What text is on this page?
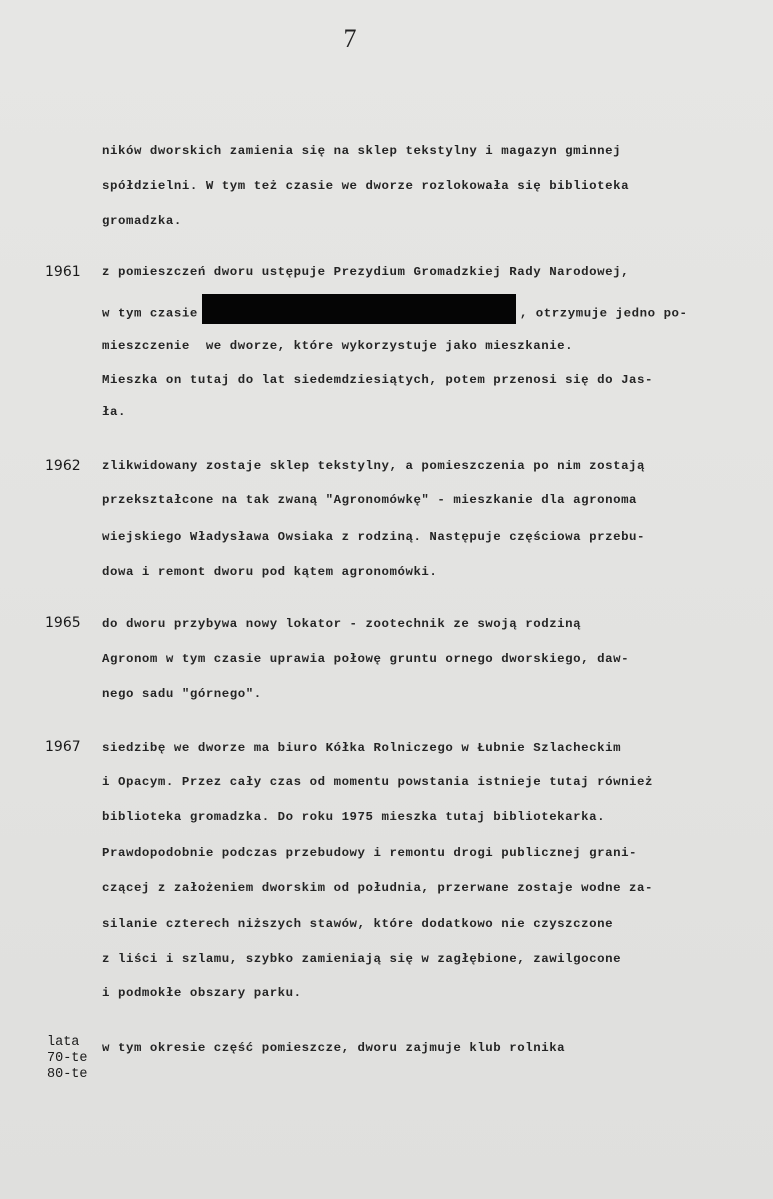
7
ników dworskich zamienia się na sklep tekstylny i magazyn gminnej
spółdzielni. W tym też czasie we dworze rozlokowała się biblioteka
gromadzka.
1961 z pomieszczeń dworu ustępuje Prezydium Gromadzkiej Rady Narodowej,
w tym czasie	, otrzymuje jedno po-
mieszczenie  we dworze, które wykorzystuje jako mieszkanie.
Mieszka on tutaj do lat siedemdziesiątych, potem przenosi się do Jas-
ła.
1962 zlikwidowany zostaje sklep tekstylny, a pomieszczenia po nim zostają
przekształcone na tak zwaną "Agronomówkę" - mieszkanie dla agronoma
wiejskiego Władysława Owsiaka z rodziną. Następuje częściowa przebu-
dowa i remont dworu pod kątem agronomówki.
1965 do dworu przybywa nowy lokator - zootechnik ze swoją rodziną
Agronom w tym czasie uprawia połowę gruntu ornego dworskiego, daw-
nego sadu "górnego".
1967 siedzibę we dworze ma biuro Kółka Rolniczego w Łubnie Szlacheckim
i Opacym. Przez cały czas od momentu powstania istnieje tutaj również
biblioteka gromadzka. Do roku 1975 mieszka tutaj bibliotekarka.
Prawdopodobnie podczas przebudowy i remontu drogi publicznej grani-
czącej z założeniem dworskim od południa, przerwane zostaje wodne za-
silanie czterech niższych stawów, które dodatkowo nie czyszczone
z liści i szlamu, szybko zamieniają się w zagłębione, zawilgocone
i podmokłe obszary parku.
lata
70-te
80-te
w tym okresie część pomieszcze, dworu zajmuje klub rolnika
